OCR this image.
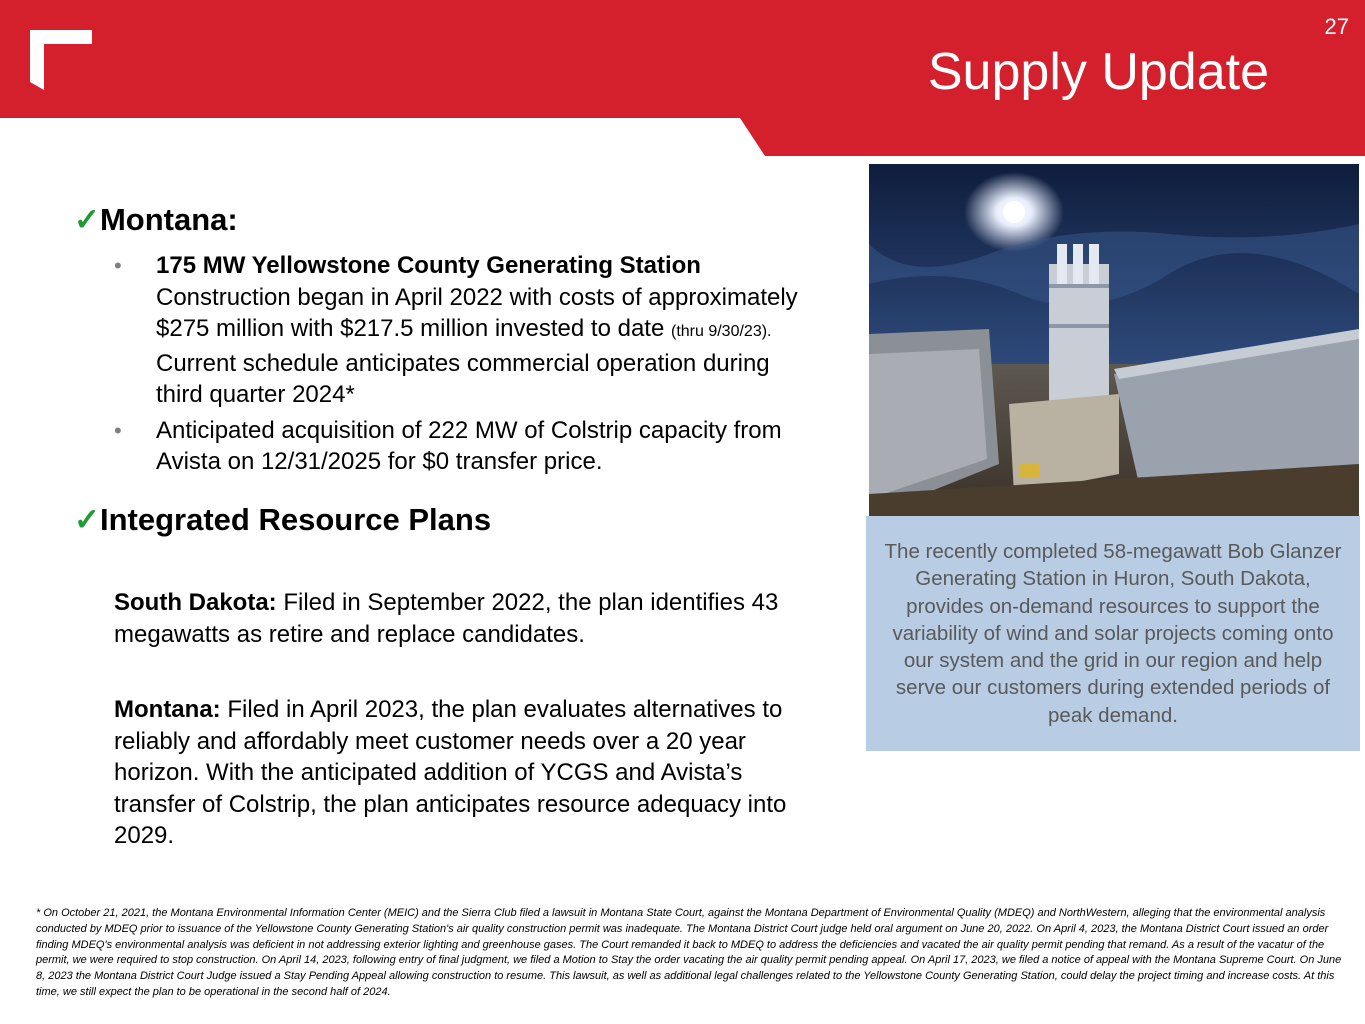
27
Supply Update
✓Montana:
• 175 MW Yellowstone County Generating Station
Construction began in April 2022 with costs of approximately $275 million with $217.5 million invested to date (thru 9/30/23). Current schedule anticipates commercial operation during third quarter 2024*
• Anticipated acquisition of 222 MW of Colstrip capacity from Avista on 12/31/2025 for $0 transfer price.
✓Integrated Resource Plans

South Dakota: Filed in September 2022, the plan identifies 43 megawatts as retire and replace candidates.

Montana: Filed in April 2023, the plan evaluates alternatives to reliably and affordably meet customer needs over a 20 year horizon. With the anticipated addition of YCGS and Avista’s transfer of Colstrip, the plan anticipates resource adequacy into 2029.

The recently completed 58-megawatt Bob Glanzer Generating Station in Huron, South Dakota, provides on-demand resources to support the variability of wind and solar projects coming onto our system and the grid in our region and help serve our customers during extended periods of peak demand.

* On October 21, 2021, the Montana Environmental Information Center (MEIC) and the Sierra Club filed a lawsuit in Montana State Court, against the Montana Department of Environmental Quality (MDEQ) and NorthWestern, alleging that the environmental analysis conducted by MDEQ prior to issuance of the Yellowstone County Generating Station's air quality construction permit was inadequate. The Montana District Court judge held oral argument on June 20, 2022. On April 4, 2023, the Montana District Court issued an order finding MDEQ's environmental analysis was deficient in not addressing exterior lighting and greenhouse gases. The Court remanded it back to MDEQ to address the deficiencies and vacated the air quality permit pending that remand. As a result of the vacatur of the permit, we were required to stop construction. On April 14, 2023, following entry of final judgment, we filed a Motion to Stay the order vacating the air quality permit pending appeal. On April 17, 2023, we filed a notice of appeal with the Montana Supreme Court. On June 8, 2023 the Montana District Court Judge issued a Stay Pending Appeal allowing construction to resume. This lawsuit, as well as additional legal challenges related to the Yellowstone County Generating Station, could delay the project timing and increase costs. At this time, we still expect the plan to be operational in the second half of 2024.
